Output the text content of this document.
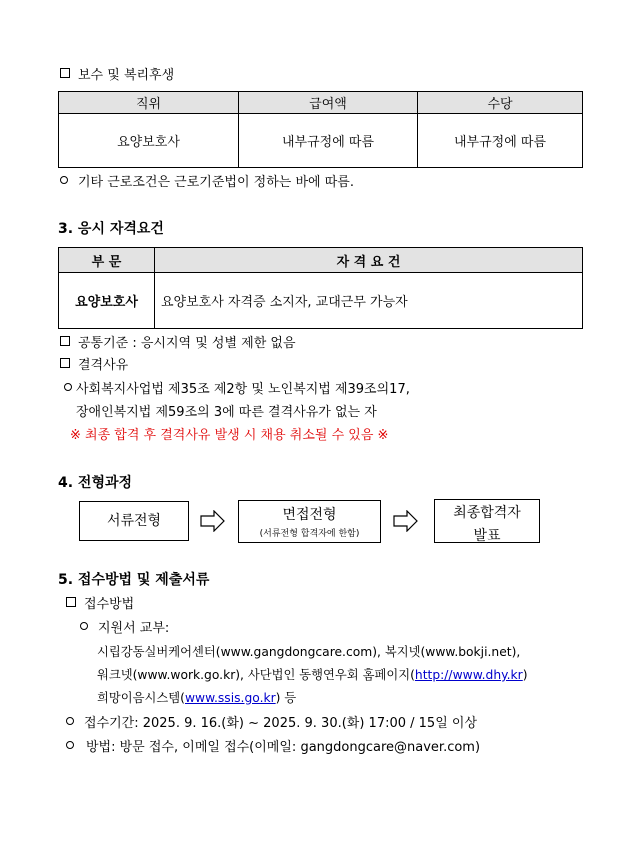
보수 및 복리후생
직위	급여액	수당
요양보호사	내부규정에 따름	내부규정에 따름
기타 근로조건은 근로기준법이 정하는 바에 따름.
3. 응시 자격요건
부 문	자 격 요 건
요양보호사	요양보호사 자격증 소지자, 교대근무 가능자
공통기준 : 응시지역 및 성별 제한 없음
결격사유
사회복지사업법 제35조 제2항 및 노인복지법 제39조의17,
장애인복지법 제59조의 3에 따른 결격사유가 없는 자
※ 최종 합격 후 결격사유 발생 시 채용 취소될 수 있음 ※
4. 전형과정
서류전형	면접전형
(서류전형 합격자에 한함)
최종합격자
발표
5. 접수방법 및 제출서류
접수방법
지원서 교부:
시립강동실버케어센터(www.gangdongcare.com), 복지넷(www.bokji.net),
워크넷(www.work.go.kr), 사단법인 동행연우회 홈페이지(http://www.dhy.kr)
희망이음시스템(www.ssis.go.kr) 등
접수기간: 2025. 9. 16.(화) ~ 2025. 9. 30.(화) 17:00 / 15일 이상
방법: 방문 접수, 이메일 접수(이메일: gangdongcare@naver.com)
